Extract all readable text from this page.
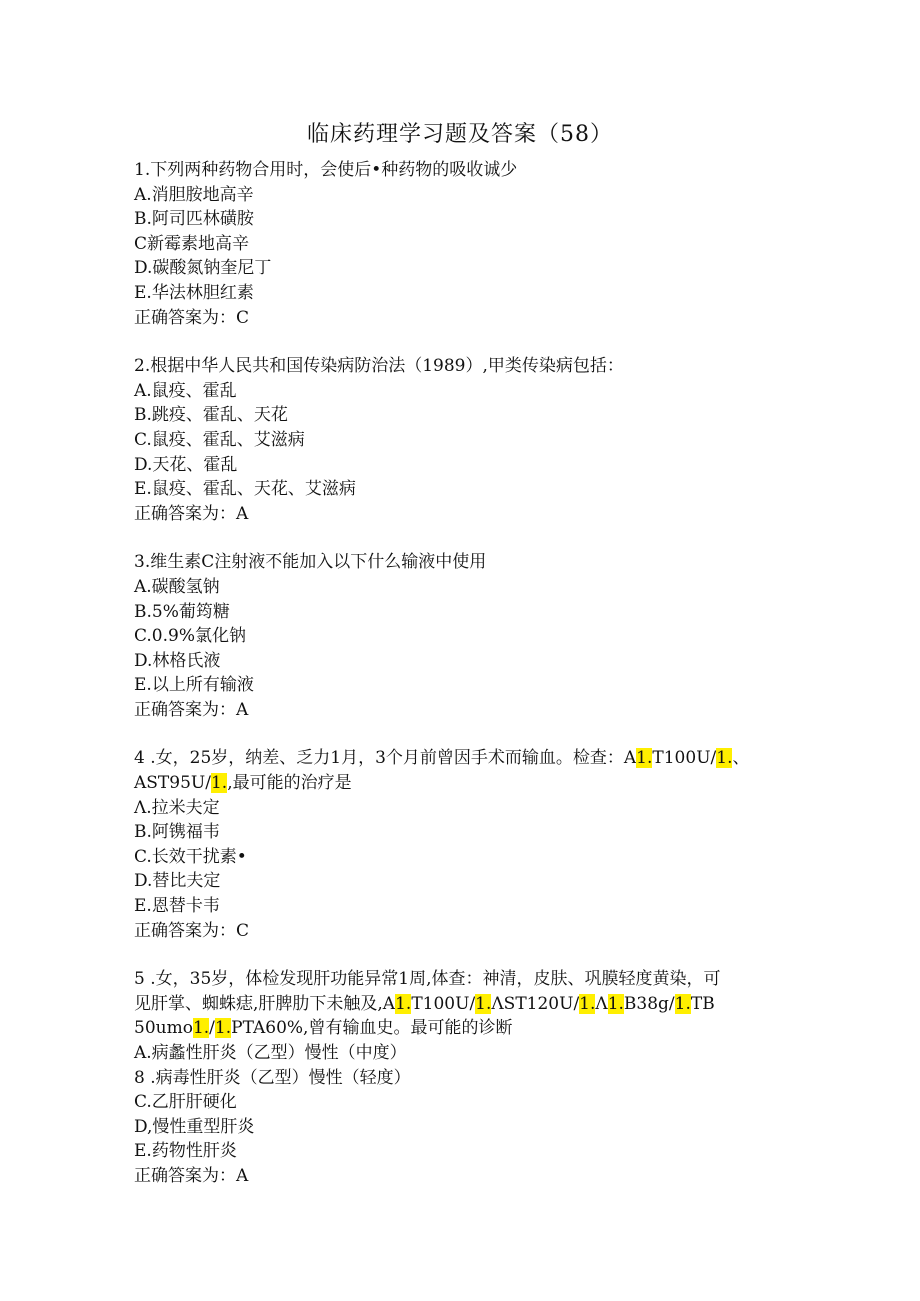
临床药理学习题及答案（58）
1.下列两种药物合用时，会使后•种药物的吸收诚少
A.消胆胺地高辛
B.阿司匹林磺胺
C新霉素地高辛
D.碳酸氮钠奎尼丁
E.华法林胆红素
正确答案为：C
2.根据中华人民共和国传染病防治法（1989）,甲类传染病包括：
A.鼠疫、霍乱
B.跳疫、霍乱、天花
C.鼠疫、霍乱、艾滋病
D.天花、霍乱
E.鼠疫、霍乱、天花、艾滋病
正确答案为：A
3.维生素C注射液不能加入以下什么输液中使用
A.碳酸氢钠
B.5%葡筠糖
C.0.9%氯化钠
D.林格氏液
E.以上所有输液
正确答案为：A
4 .女，25岁，纳差、乏力1月，3个月前曾因手术而输血。检查：A1.T100U/1.、
AST95U/1.,最可能的治疗是
Λ.拉米夫定
B.阿镌福韦
C.长效干扰素•
D.替比夫定
E.恩替卡韦
正确答案为：C
5 .女，35岁，体检发现肝功能异常1周,体查：神清，皮肤、巩膜轻度黄染，可
见肝掌、蜘蛛痣,肝脾肋下未触及,A1.T100U/1.ΛST120U/1.Λ1.B38g/1.TB
50umo1./1.PTA60%,曾有输血史。最可能的诊断
A.病蠡性肝炎（乙型）慢性（中度）
8 .病毒性肝炎（乙型）慢性（轻度）
C.乙肝肝硬化
D,慢性重型肝炎
E.药物性肝炎
正确答案为：A
